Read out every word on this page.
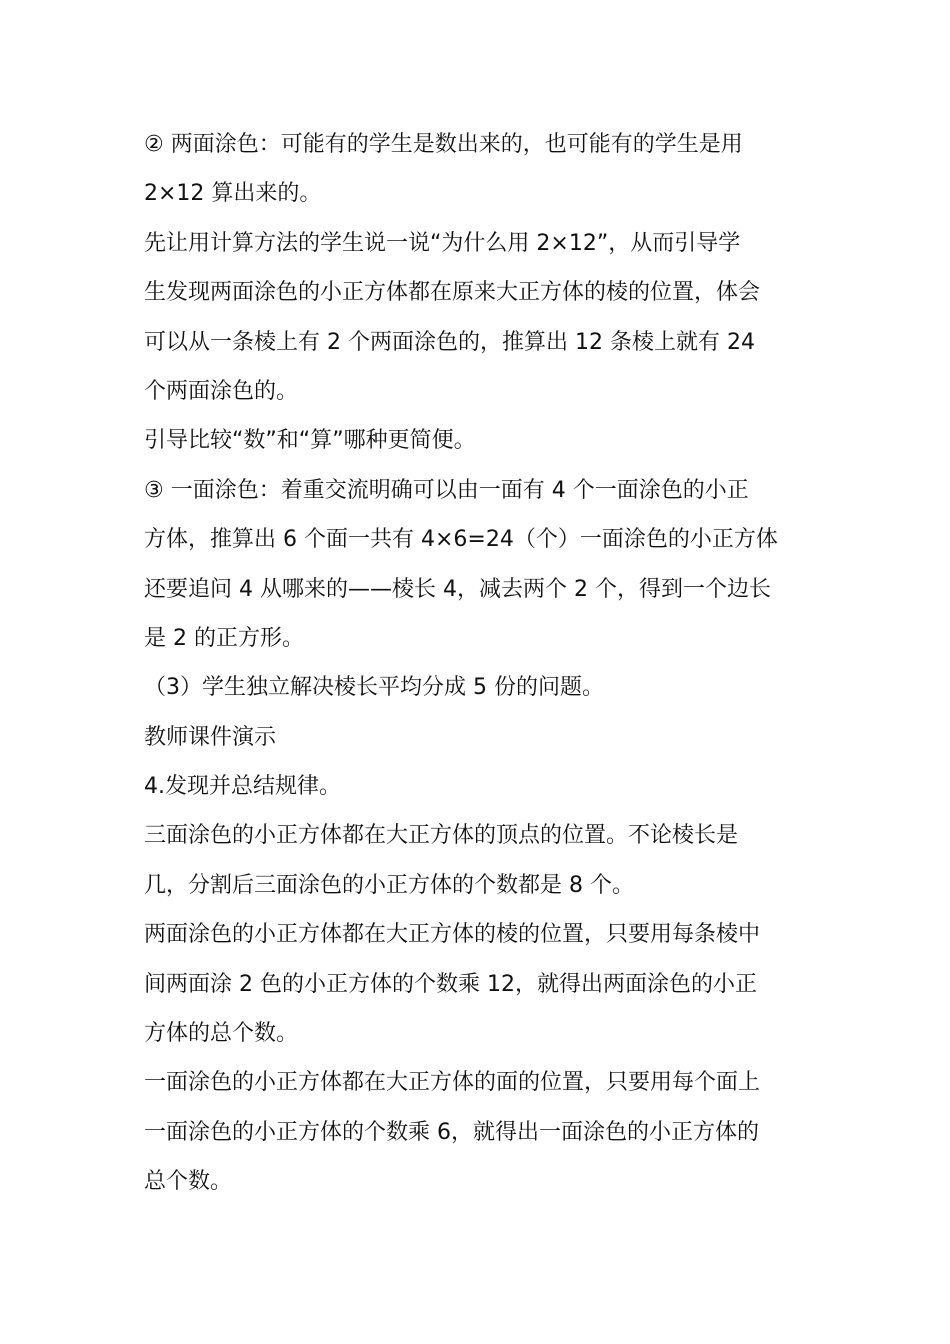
② 两面涂色：可能有的学生是数出来的，也可能有的学生是用
2×12 算出来的。
先让用计算方法的学生说一说“为什么用 2×12”，从而引导学
生发现两面涂色的小正方体都在原来大正方体的棱的位置，体会
可以从一条棱上有 2 个两面涂色的，推算出 12 条棱上就有 24
个两面涂色的。
引导比较“数”和“算”哪种更简便。
③ 一面涂色：着重交流明确可以由一面有 4 个一面涂色的小正
方体，推算出 6 个面一共有 4×6=24（个）一面涂色的小正方体
还要追问 4 从哪来的——棱长 4，减去两个 2 个，得到一个边长
是 2 的正方形。
（3）学生独立解决棱长平均分成 5 份的问题。
教师课件演示
4.发现并总结规律。
三面涂色的小正方体都在大正方体的顶点的位置。不论棱长是
几，分割后三面涂色的小正方体的个数都是 8 个。
两面涂色的小正方体都在大正方体的棱的位置，只要用每条棱中
间两面涂 2 色的小正方体的个数乘 12，就得出两面涂色的小正
方体的总个数。
一面涂色的小正方体都在大正方体的面的位置，只要用每个面上
一面涂色的小正方体的个数乘 6，就得出一面涂色的小正方体的
总个数。
